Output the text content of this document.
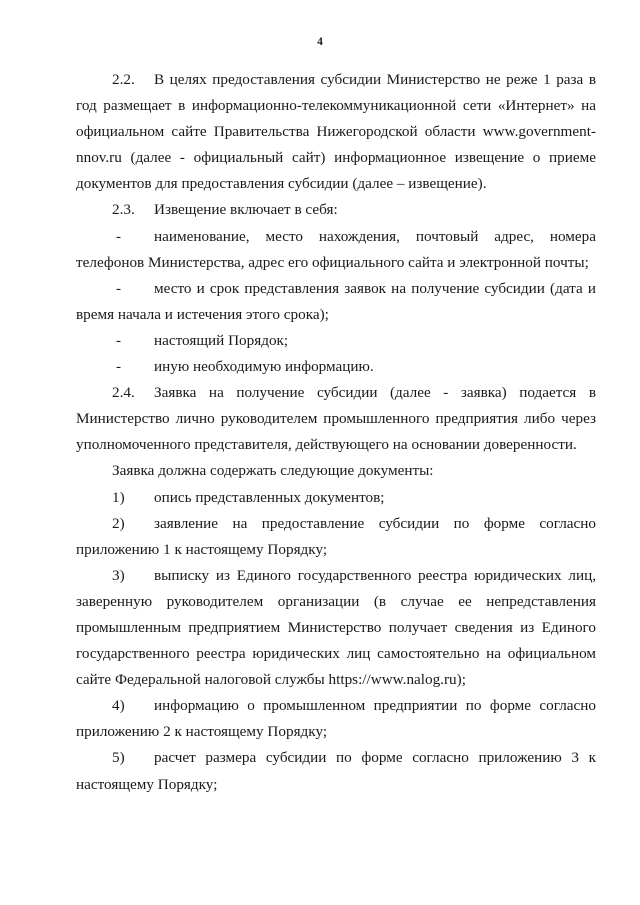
4

2.2. В целях предоставления субсидии Министерство не реже 1 раза в год размещает в информационно-телекоммуникационной сети «Интернет» на официальном сайте Правительства Нижегородской области www.government-nnov.ru (далее - официальный сайт) информационное извещение о приеме документов для предоставления субсидии (далее – извещение).

2.3. Извещение включает в себя:

- наименование, место нахождения, почтовый адрес, номера телефонов Министерства, адрес его официального сайта и электронной почты;

- место и срок представления заявок на получение субсидии (дата и время начала и истечения этого срока);

- настоящий Порядок;

- иную необходимую информацию.

2.4. Заявка на получение субсидии (далее - заявка) подается в Министерство лично руководителем промышленного предприятия либо через уполномоченного представителя, действующего на основании доверенности.

Заявка должна содержать следующие документы:

1) опись представленных документов;

2) заявление на предоставление субсидии по форме согласно приложению 1 к настоящему Порядку;

3) выписку из Единого государственного реестра юридических лиц, заверенную руководителем организации (в случае ее непредставления промышленным предприятием Министерство получает сведения из Единого государственного реестра юридических лиц самостоятельно на официальном сайте Федеральной налоговой службы https://www.nalog.ru);

4) информацию о промышленном предприятии по форме согласно приложению 2 к настоящему Порядку;

5) расчет размера субсидии по форме согласно приложению 3 к настоящему Порядку;
